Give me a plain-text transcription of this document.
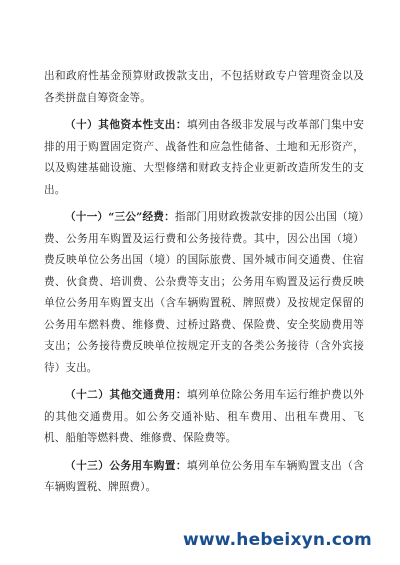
出和政府性基金预算财政拨款支出，不包括财政专户管理资金以及各类拼盘自筹资金等。

（十）其他资本性支出：填列由各级非发展与改革部门集中安排的用于购置固定资产、战备性和应急性储备、土地和无形资产，以及购建基础设施、大型修缮和财政支持企业更新改造所发生的支出。

（十一）“三公”经费：指部门用财政拨款安排的因公出国（境）费、公务用车购置及运行费和公务接待费。其中，因公出国（境）费反映单位公务出国（境）的国际旅费、国外城市间交通费、住宿费、伙食费、培训费、公杂费等支出；公务用车购置及运行费反映单位公务用车购置支出（含车辆购置税、牌照费）及按规定保留的公务用车燃料费、维修费、过桥过路费、保险费、安全奖励费用等支出；公务接待费反映单位按规定开支的各类公务接待（含外宾接待）支出。

（十二）其他交通费用：填列单位除公务用车运行维护费以外的其他交通费用。如公务交通补贴、租车费用、出租车费用、飞机、船舶等燃料费、维修费、保险费等。

（十三）公务用车购置：填列单位公务用车车辆购置支出（含车辆购置税、牌照费）。

www.hebeixyn.com
